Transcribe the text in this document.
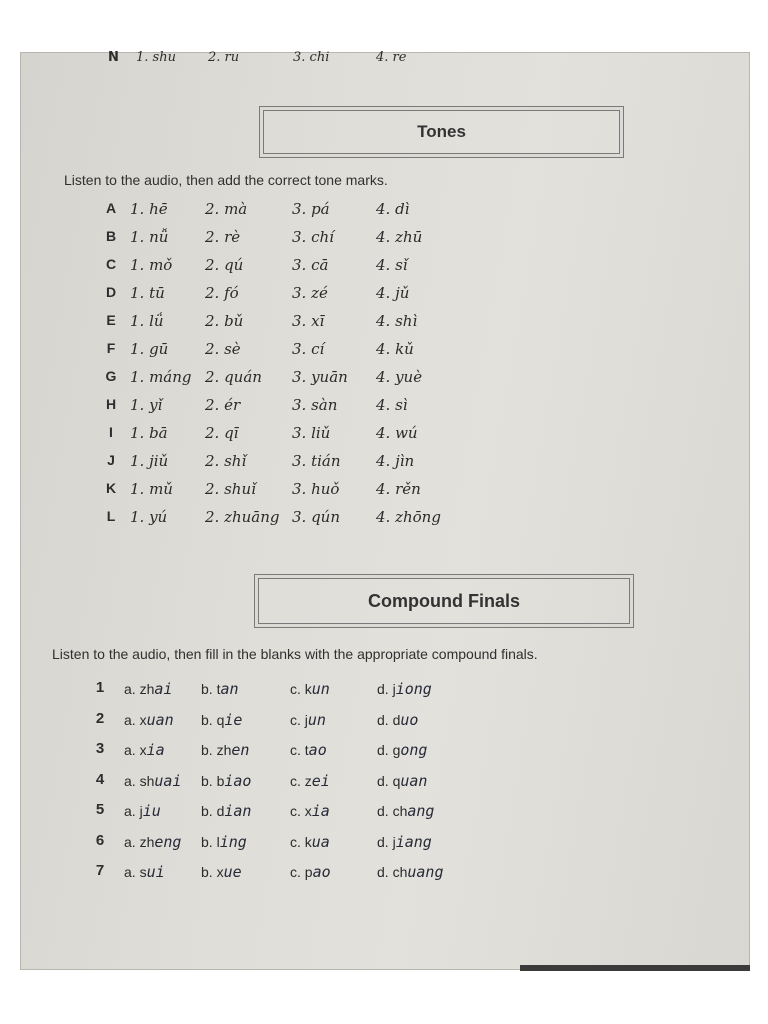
N 1. shu 2. ru	3. chi	4. re
Tones
Listen to the audio, then add the correct tone marks.
A 1. hē 2. mà	3. pá	4. dì
B 1. nǚ 2. rè	3. chí	4. zhū
C 1. mǒ 2. qú	3. cā	4. sǐ
D 1. tū	2. fó	3. zé	4. jǔ
E 1. lǘ	2. bǔ	3. xī	4. shì
F 1. gū 2. sè	3. cí	4. kǔ
G 1. máng 2. quán 3. yuān 4. yuè
H 1. yǐ	2. ér	3. sàn	4. sì
I	1. bā 2. qī	3. liǔ	4. wú
J	1. jiǔ 2. shǐ	3. tián 4. jìn
K 1. mǔ 2. shuǐ 3. huǒ 4. rěn
L 1. yú	2. zhuāng 3. qún 4. zhōng
Compound Finals
Listen to the audio, then fill in the blanks with the appropriate compound finals.
1 a. zhai b. tan	c. kun	d. jiong
2 a. xuan b. qie	c. jun	d. duo
3 a. xia	b. zhen	c. tao	d. gong
4 a. shuai b. biao	c. zei	d. quan
5 a. jiu	b. dian	c. xia	d. chang
6 a. zheng b. ling	c. kua	d. jiang
7 a. sui	b. xue	c. pao	d. chuang
